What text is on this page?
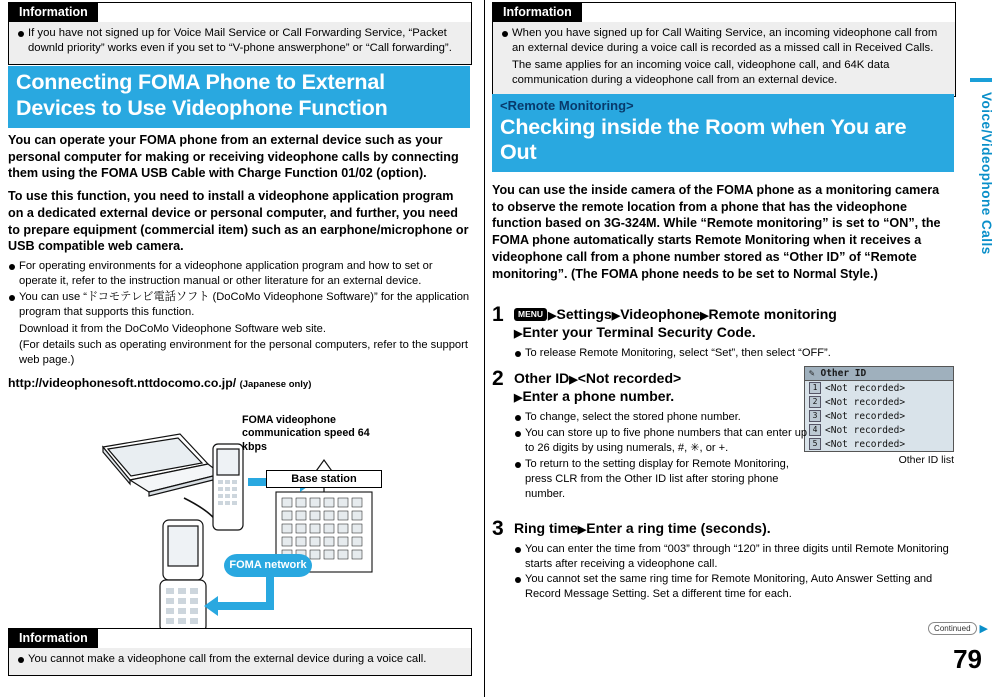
Information

If you have not signed up for Voice Mail Service or Call Forwarding Service, “Packet downld priority” works even if you set to “V-phone answerphone” or “Call forwarding”.

Connecting FOMA Phone to External Devices to Use Videophone Function
You can operate your FOMA phone from an external device such as your personal computer for making or receiving videophone calls by connecting them using the FOMA USB Cable with Charge Function 01/02 (option).
To use this function, you need to install a videophone application program on a dedicated external device or personal computer, and further, you need to prepare equipment (commercial item) such as an earphone/microphone or USB compatible web camera.
For operating environments for a videophone application program and how to set or operate it, refer to the instruction manual or other literature for an external device.
You can use “ドコモテレビ電話ソフト (DoCoMo Videophone Software)” for the application program that supports this function.
Download it from the DoCoMo Videophone Software web site.
(For details such as operating environment for the personal computers, refer to the support web page.)
http://videophonesoft.nttdocomo.co.jp/ (Japanese only)
FOMA videophone communication speed 64 kbps
Base station
FOMA network
Information

You cannot make a videophone call from the external device during a voice call.

Information

When you have signed up for Call Waiting Service, an incoming videophone call from an external device during a voice call is recorded as a missed call in Received Calls.

The same applies for an incoming voice call, videophone call, and 64K data communication during a videophone call from an external device.

<Remote Monitoring>
Checking inside the Room when You are Out
You can use the inside camera of the FOMA phone as a monitoring camera to observe the remote location from a phone that has the videophone function based on 3G-324M. While “Remote monitoring” is set to “ON”, the FOMA phone automatically starts Remote Monitoring when it receives a videophone call from a phone number stored as “Other ID” of “Remote monitoring”. (The FOMA phone needs to be set to Normal Style.)
1	MENU ▶Settings▶Videophone▶Remote monitoring
▶Enter your Terminal Security Code.
To release Remote Monitoring, select “Set”, then select “OFF”.
2 Other ID▶<Not recorded>
▶Enter a phone number.
✎ Other ID
1 <Not recorded>
2 <Not recorded>
3 <Not recorded>
4 <Not recorded>
5 <Not recorded>
Other ID list
To change, select the stored phone number.
You can store up to five phone numbers that can enter up to 26 digits by using numerals, #, ✳, or +.
To return to the setting display for Remote Monitoring, press CLR from the Other ID list after storing phone number.
3 Ring time▶Enter a ring time (seconds).
You can enter the time from “003” through “120” in three digits until Remote Monitoring starts after receiving a videophone call.
You cannot set the same ring time for Remote Monitoring, Auto Answer Setting and Record Message Setting. Set a different time for each.
Voice/Videophone Calls
Continued ▶
79
